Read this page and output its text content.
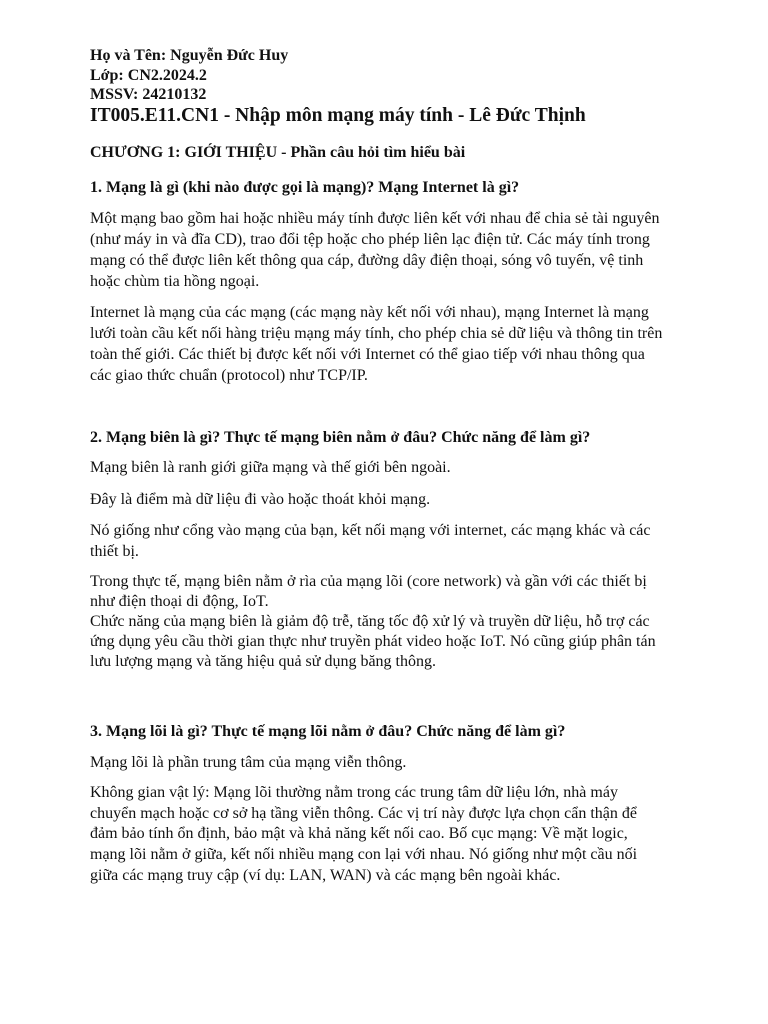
Họ và Tên: Nguyễn Đức Huy
Lớp: CN2.2024.2
MSSV: 24210132
IT005.E11.CN1 - Nhập môn mạng máy tính - Lê Đức Thịnh
CHƯƠNG 1: GIỚI THIỆU - Phần câu hỏi tìm hiểu bài
1. Mạng là gì (khi nào được gọi là mạng)? Mạng Internet là gì?
Một mạng bao gồm hai hoặc nhiều máy tính được liên kết với nhau để chia sẻ tài nguyên
(như máy in và đĩa CD), trao đổi tệp hoặc cho phép liên lạc điện tử. Các máy tính trong
mạng có thể được liên kết thông qua cáp, đường dây điện thoại, sóng vô tuyến, vệ tinh
hoặc chùm tia hồng ngoại.
Internet là mạng của các mạng (các mạng này kết nối với nhau), mạng Internet là mạng
lưới toàn cầu kết nối hàng triệu mạng máy tính, cho phép chia sẻ dữ liệu và thông tin trên
toàn thế giới. Các thiết bị được kết nối với Internet có thể giao tiếp với nhau thông qua
các giao thức chuẩn (protocol) như TCP/IP.
2. Mạng biên là gì? Thực tế mạng biên nằm ở đâu? Chức năng để làm gì?
Mạng biên là ranh giới giữa mạng và thế giới bên ngoài.
Đây là điểm mà dữ liệu đi vào hoặc thoát khỏi mạng.
Nó giống như cổng vào mạng của bạn, kết nối mạng với internet, các mạng khác và các
thiết bị.
Trong thực tế, mạng biên nằm ở rìa của mạng lõi (core network) và gần với các thiết bị
như điện thoại di động, IoT.
Chức năng của mạng biên là giảm độ trễ, tăng tốc độ xử lý và truyền dữ liệu, hỗ trợ các
ứng dụng yêu cầu thời gian thực như truyền phát video hoặc IoT. Nó cũng giúp phân tán
lưu lượng mạng và tăng hiệu quả sử dụng băng thông.
3. Mạng lõi là gì? Thực tế mạng lõi nằm ở đâu? Chức năng để làm gì?
Mạng lõi là phần trung tâm của mạng viễn thông.
Không gian vật lý: Mạng lõi thường nằm trong các trung tâm dữ liệu lớn, nhà máy
chuyển mạch hoặc cơ sở hạ tầng viễn thông. Các vị trí này được lựa chọn cẩn thận để
đảm bảo tính ổn định, bảo mật và khả năng kết nối cao. Bố cục mạng: Về mặt logic,
mạng lõi nằm ở giữa, kết nối nhiều mạng con lại với nhau. Nó giống như một cầu nối
giữa các mạng truy cập (ví dụ: LAN, WAN) và các mạng bên ngoài khác.
